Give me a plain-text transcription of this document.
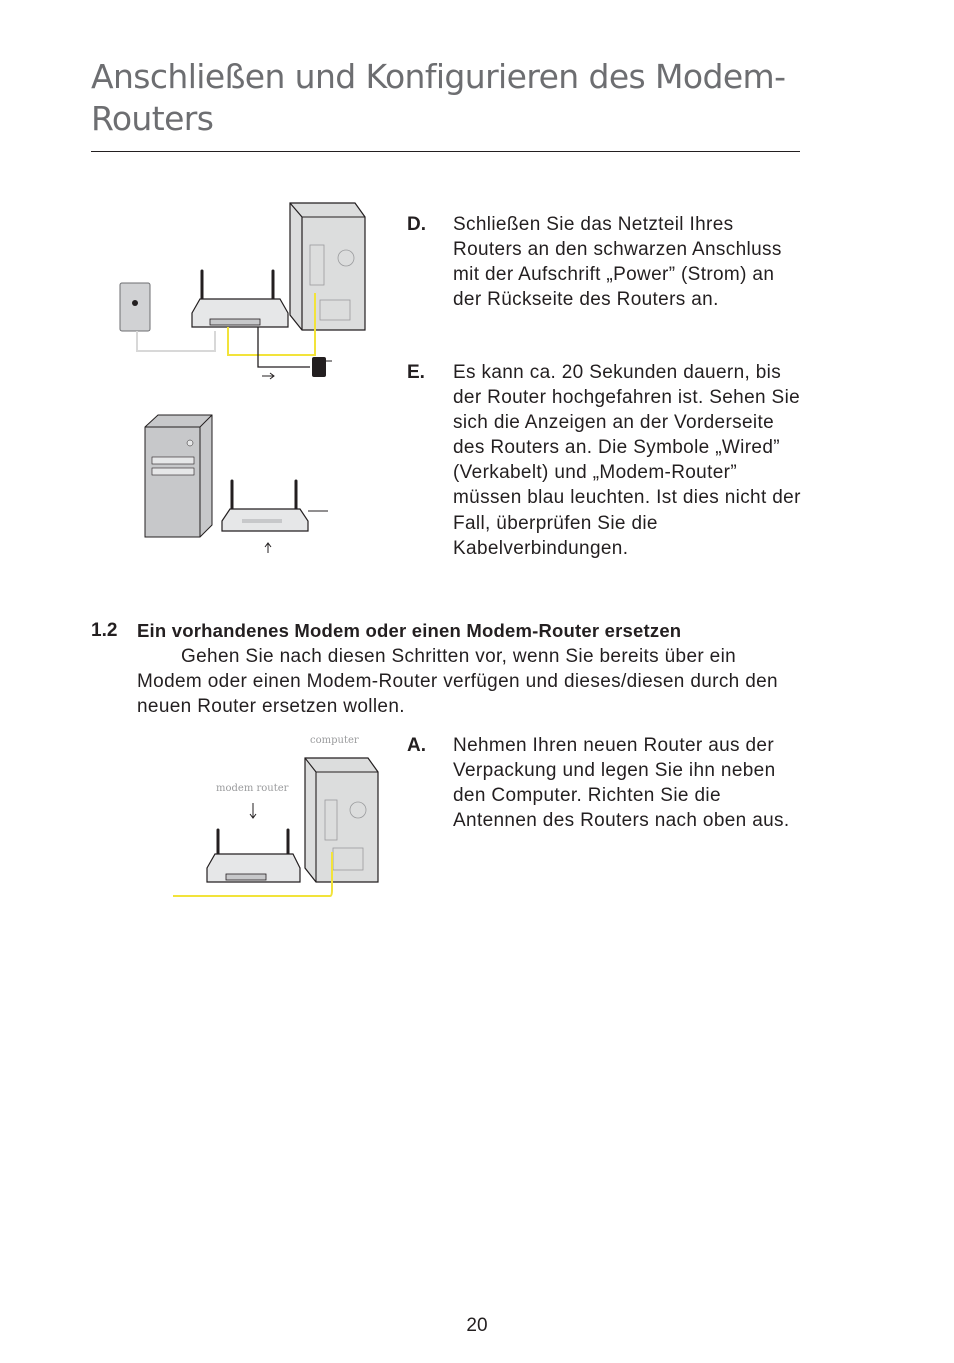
Anschließen und Konfigurieren des Modem-Routers
D. Schließen Sie das Netzteil Ihres Routers an den schwarzen Anschluss mit der Aufschrift „Power” (Strom) an der Rückseite des Routers an.
E. Es kann ca. 20 Sekunden dauern, bis der Router hochgefahren ist. Sehen Sie sich die Anzeigen an der Vorderseite des Routers an. Die Symbole „Wired” (Verkabelt) und „Modem-Router” müssen blau leuchten. Ist dies nicht der Fall, überprüfen Sie die Kabelverbindungen.
1.2 Ein vorhandenes Modem oder einen Modem-Router ersetzen
Gehen Sie nach diesen Schritten vor, wenn Sie bereits über ein Modem oder einen Modem-Router verfügen und dieses/diesen durch den neuen Router ersetzen wollen.
computer
modem router
A. Nehmen Ihren neuen Router aus der Verpackung und legen Sie ihn neben den Computer. Richten Sie die Antennen des Routers nach oben aus.
20
